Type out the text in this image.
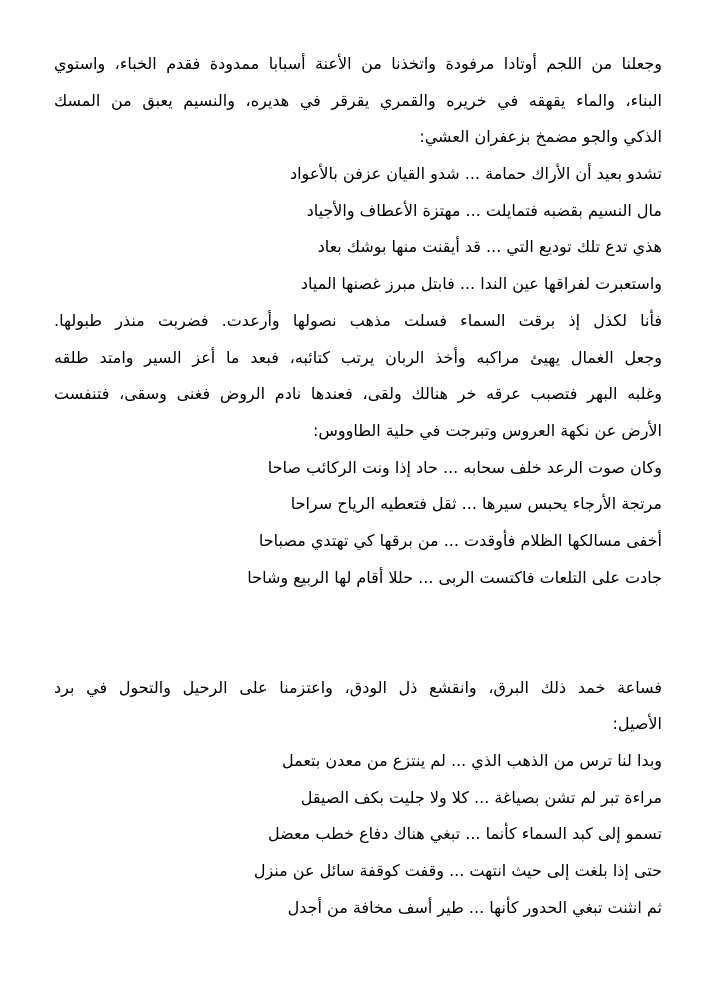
وجعلنا من اللجم أوتادا مرفودة واتخذنا من الأعنة أسبابا ممدودة فقدم الخباء، واستوي
البناء، والماء يقهقه في خريره والقمري يقرقر في هديره، والنسيم يعبق من المسك
الذكي والجو مضمخ بزعفران العشي:
تشدو بعيد أن الأراك حمامة ... شدو القيان عزفن بالأعواد
مال النسيم بقضبه فتمايلت ... مهتزة الأعطاف والأجياد
هذي تدع تلك توديع التي ... قد أيقنت منها بوشك بعاد
واستعبرت لفراقها عين الندا ... فابتل مبرز غصنها المياد
فأنا لكذل إذ برقت السماء فسلت مذهب نصولها وأرعدت. فضربت منذر طبولها.
وجعل الغمال يهيئ مراكبه وأخذ الربان يرتب كتائبه، فبعد ما أعز السير وامتد طلقه
وغلبه البهر فتصبب عرقه خر هنالك ولقى، فعندها نادم الروض فغنى وسقى، فتنفست
الأرض عن نكهة العروس وتبرجت في حلية الطاووس:
وكان صوت الرعد خلف سحابه ... حاد إذا ونت الركائب صاحا
مرتجة الأرجاء يحبس سيرها ... ثقل فتعطيه الرياح سراحا
أخفى مسالكها الظلام فأوقدت ... من برقها كي تهتدي مصباحا
جادت على التلعات فاكتست الربى ... حللا أقام لها الربيع وشاحا
فساعة خمد ذلك البرق، وانقشع ذل الودق، واعتزمنا على الرحيل والتحول في برد
الأصيل:
وبدا لنا ترس من الذهب الذي ... لم ينتزع من معدن بتعمل
مراءة تبر لم تشن بصياغة ... كلا ولا جليت بكف الصيقل
تسمو إلى كبد السماء كأنما ... تبغي هناك دفاع خطب معضل
حتى إذا بلغت إلى حيث انتهت ... وقفت كوقفة سائل عن منزل
ثم انثنت تبغي الحدور كأنها ... طير أسف مخافة من أجدل
